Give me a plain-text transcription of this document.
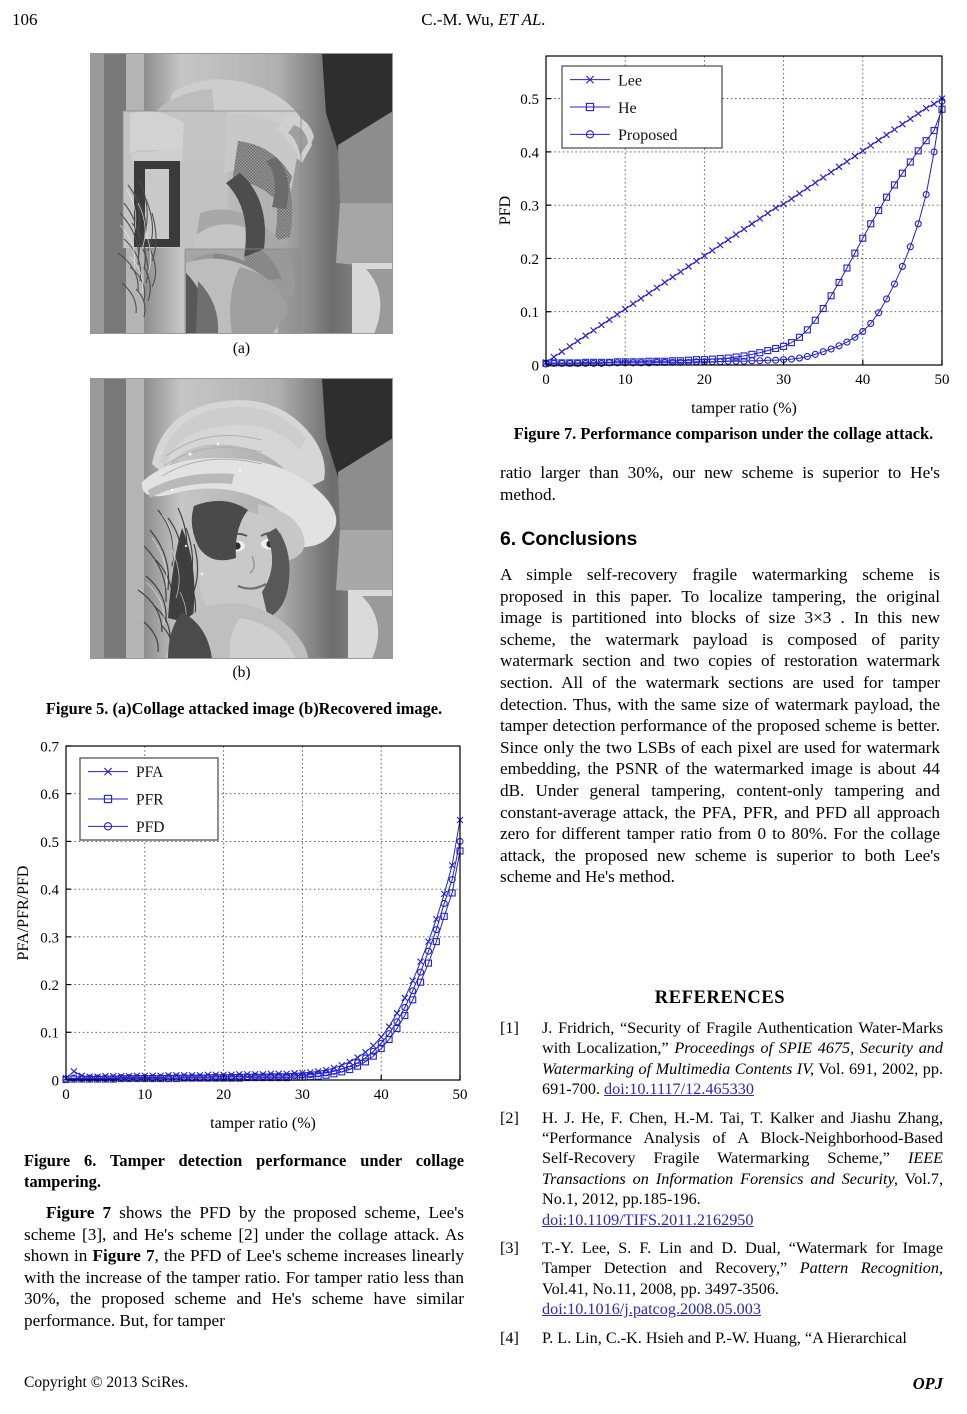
106	C.-M. Wu, ET AL.
(a)
(b)
Figure 5. (a)Collage attacked image (b)Recovered image.
0	10	20	30	40	50
0
0.1
0.2
0.3
0.4
0.5
0.6
0.7
tamper ratio (%)
PFA/PFR/PFD
PFA
PFR
PFD
Figure 6. Tamper detection performance under collage tampering.

Figure 7 shows the PFD by the proposed scheme, Lee's scheme [3], and He's scheme [2] under the collage attack. As shown in Figure 7, the PFD of Lee's scheme increases linearly with the increase of the tamper ratio. For tamper ratio less than 30%, the proposed scheme and He's scheme have similar performance. But, for tamper

0	10	20	30	40	50
0
0.1
0.2
0.3
0.4
0.5
tamper ratio (%)
PFD
Lee
He
Proposed
Figure 7. Performance comparison under the collage attack.

ratio larger than 30%, our new scheme is superior to He's method.

6. Conclusions

A simple self-recovery fragile watermarking scheme is proposed in this paper. To localize tampering, the original image is partitioned into blocks of size 3×3 . In this new scheme, the watermark payload is composed of parity watermark section and two copies of restoration watermark section. All of the watermark sections are used for tamper detection. Thus, with the same size of watermark payload, the tamper detection performance of the proposed scheme is better. Since only the two LSBs of each pixel are used for watermark embedding, the PSNR of the watermarked image is about 44 dB. Under general tampering, content-only tampering and constant-average attack, the PFA, PFR, and PFD all approach zero for different tamper ratio from 0 to 80%. For the collage attack, the proposed new scheme is superior to both Lee's scheme and He's method.

REFERENCES
[1]	J. Fridrich, “Security of Fragile Authentication Water-Marks with Localization,” Proceedings of SPIE 4675, Security and Watermarking of Multimedia Contents IV, Vol. 691, 2002, pp. 691-700. doi:10.1117/12.465330
[2]	H. J. He, F. Chen, H.-M. Tai, T. Kalker and Jiashu Zhang, “Performance Analysis of A Block-Neighborhood-Based Self-Recovery Fragile Watermarking Scheme,” IEEE Transactions on Information Forensics and Security, Vol.7, No.1, 2012, pp.185-196.
doi:10.1109/TIFS.2011.2162950
[3]	T.-Y. Lee, S. F. Lin and D. Dual, “Watermark for Image Tamper Detection and Recovery,” Pattern Recognition, Vol.41, No.11, 2008, pp. 3497-3506.
doi:10.1016/j.patcog.2008.05.003
[4]	P. L. Lin, C.-K. Hsieh and P.-W. Huang, “A Hierarchical
Copyright © 2013 SciRes.	OPJ
